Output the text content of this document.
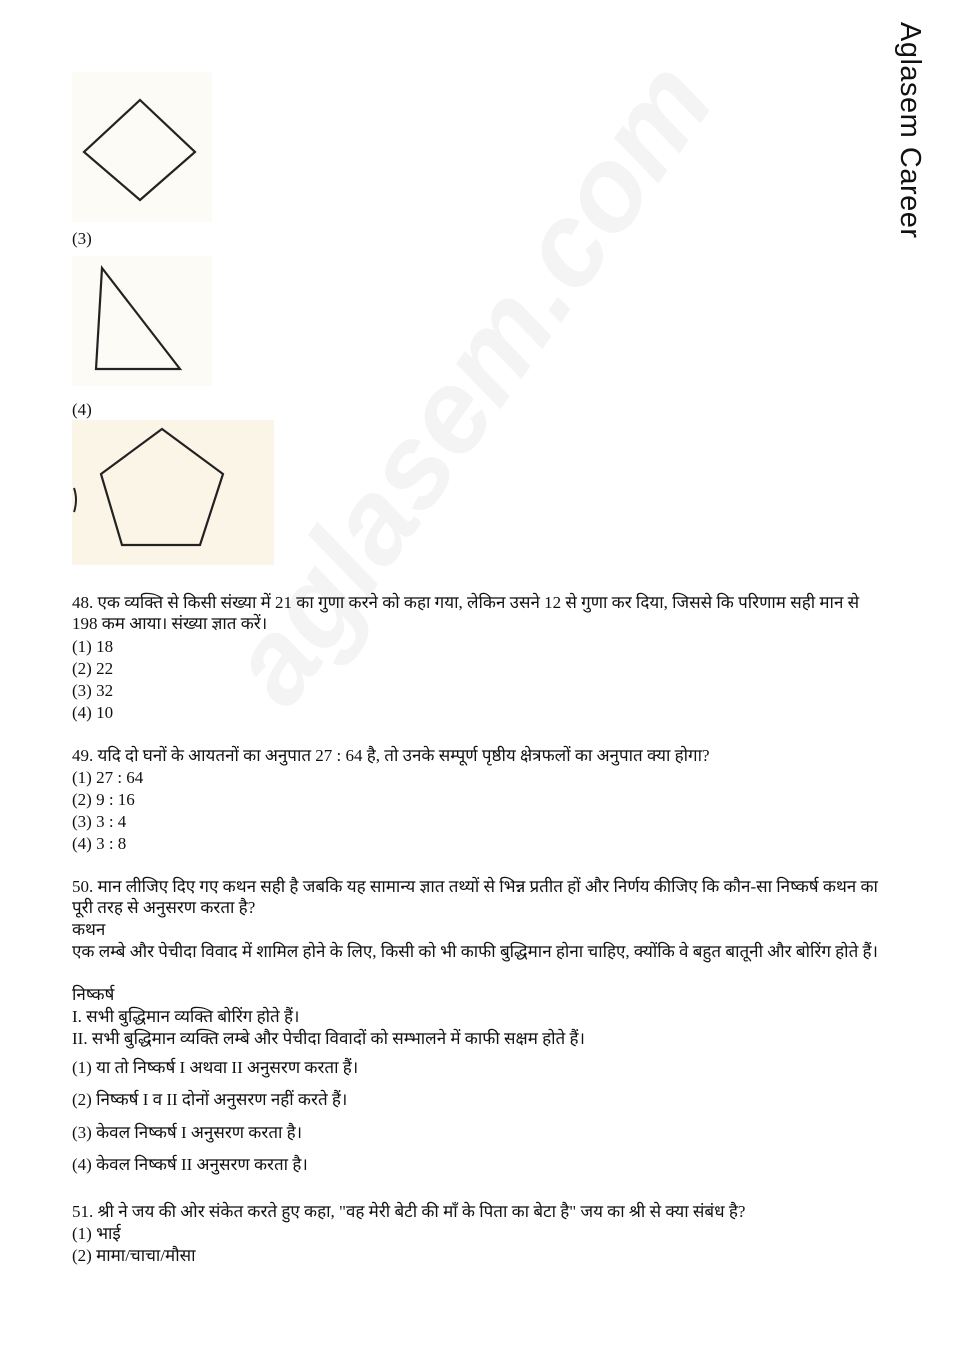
Aglasem Career
(3)
(4)
48. एक व्यक्ति से किसी संख्या में 21 का गुणा करने को कहा गया, लेकिन उसने 12 से गुणा कर दिया, जिससे कि परिणाम सही मान से 198 कम आया। संख्या ज्ञात करें।
(1) 18
(2) 22
(3) 32
(4) 10
49. यदि दो घनों के आयतनों का अनुपात 27 : 64 है, तो उनके सम्पूर्ण पृष्ठीय क्षेत्रफलों का अनुपात क्या होगा?
(1) 27 : 64
(2) 9 : 16
(3) 3 : 4
(4) 3 : 8
50. मान लीजिए दिए गए कथन सही है जबकि यह सामान्य ज्ञात तथ्यों से भिन्न प्रतीत हों और निर्णय कीजिए कि कौन-सा निष्कर्ष कथन का पूरी तरह से अनुसरण करता है?
कथन
एक लम्बे और पेचीदा विवाद में शामिल होने के लिए, किसी को भी काफी बुद्धिमान होना चाहिए, क्योंकि वे बहुत बातूनी और बोरिंग होते हैं।
निष्कर्ष
I. सभी बुद्धिमान व्यक्ति बोरिंग होते हैं।
II. सभी बुद्धिमान व्यक्ति लम्बे और पेचीदा विवादों को सम्भालने में काफी सक्षम होते हैं।
(1) या तो निष्कर्ष I अथवा II अनुसरण करता हैं।
(2) निष्कर्ष I व II दोनों अनुसरण नहीं करते हैं।
(3) केवल निष्कर्ष I अनुसरण करता है।
(4) केवल निष्कर्ष II अनुसरण करता है।
51. श्री ने जय की ओर संकेत करते हुए कहा, "वह मेरी बेटी की माँ के पिता का बेटा है" जय का श्री से क्या संबंध है?
(1) भाई
(2) मामा/चाचा/मौसा
